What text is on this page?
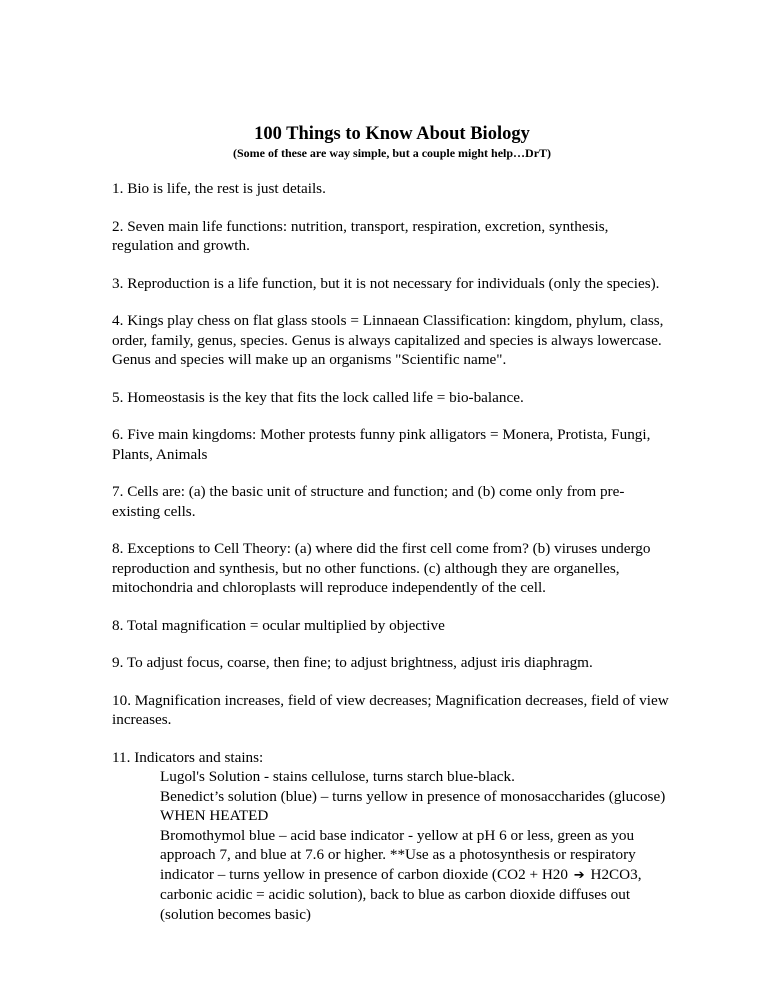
100 Things to Know About Biology
(Some of these are way simple, but a couple might help…DrT)

1. Bio is life, the rest is just details.

2. Seven main life functions: nutrition, transport, respiration, excretion, synthesis, regulation and growth.

3. Reproduction is a life function, but it is not necessary for individuals (only the species).

4. Kings play chess on flat glass stools = Linnaean Classification: kingdom, phylum, class, order, family, genus, species. Genus is always capitalized and species is always lowercase. Genus and species will make up an organisms "Scientific name".

5. Homeostasis is the key that fits the lock called life = bio-balance.

6. Five main kingdoms: Mother protests funny pink alligators = Monera, Protista, Fungi, Plants, Animals

7. Cells are: (a) the basic unit of structure and function; and (b) come only from pre-existing cells.

8. Exceptions to Cell Theory: (a) where did the first cell come from? (b) viruses undergo reproduction and synthesis, but no other functions. (c) although they are organelles, mitochondria and chloroplasts will reproduce independently of the cell.

8. Total magnification = ocular multiplied by objective

9. To adjust focus, coarse, then fine; to adjust brightness, adjust iris diaphragm.

10. Magnification increases, field of view decreases; Magnification decreases, field of view increases.

11. Indicators and stains:

Lugol's Solution - stains cellulose, turns starch blue-black.

Benedict’s solution (blue) – turns yellow in presence of monosaccharides (glucose) WHEN HEATED

Bromothymol blue – acid base indicator - yellow at pH 6 or less, green as you approach 7, and blue at 7.6 or higher. **Use as a photosynthesis or respiratory indicator – turns yellow in presence of carbon dioxide (CO2 + H20 ➔ H2CO3, carbonic acidic = acidic solution), back to blue as carbon dioxide diffuses out (solution becomes basic)
